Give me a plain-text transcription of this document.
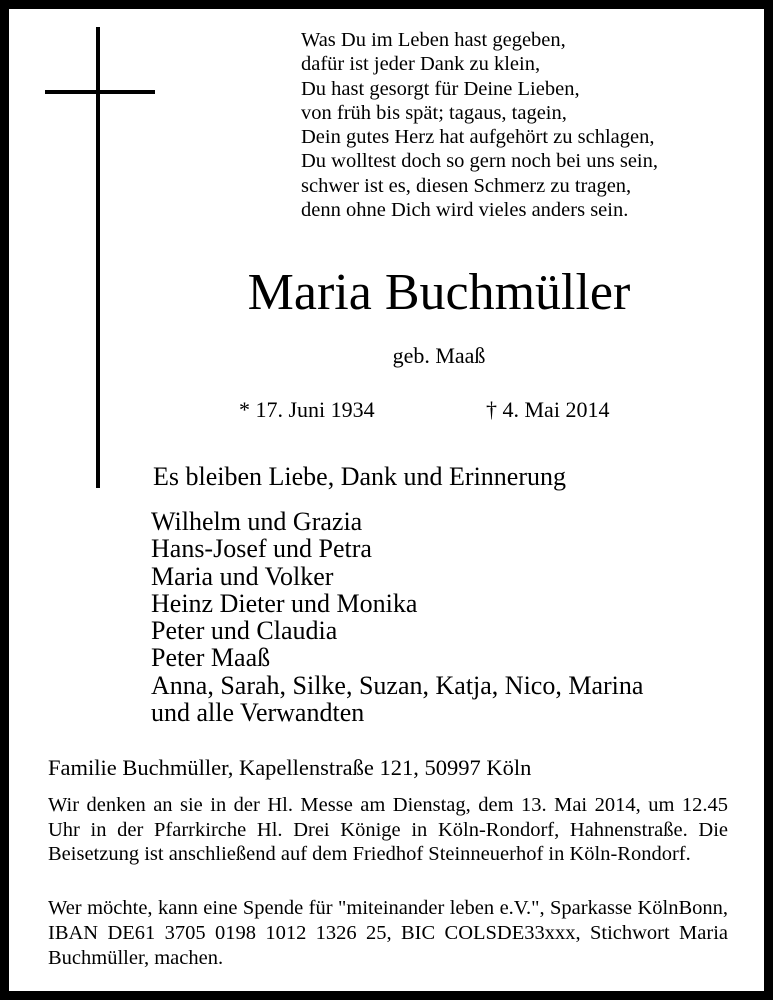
Was Du im Leben hast gegeben,
dafür ist jeder Dank zu klein,
Du hast gesorgt für Deine Lieben,
von früh bis spät; tagaus, tagein,
Dein gutes Herz hat aufgehört zu schlagen,
Du wolltest doch so gern noch bei uns sein,
schwer ist es, diesen Schmerz zu tragen,
denn ohne Dich wird vieles anders sein.
Maria Buchmüller
geb. Maaß
* 17. Juni 1934	† 4. Mai 2014
Es bleiben Liebe, Dank und Erinnerung
Wilhelm und Grazia
Hans-Josef und Petra
Maria und Volker
Heinz Dieter und Monika
Peter und Claudia
Peter Maaß
Anna, Sarah, Silke, Suzan, Katja, Nico, Marina
und alle Verwandten
Familie Buchmüller, Kapellenstraße 121, 50997 Köln

Wir denken an sie in der Hl. Messe am Dienstag, dem 13. Mai 2014, um 12.45 Uhr in der Pfarrkirche Hl. Drei Könige in Köln-Rondorf, Hahnenstraße. Die Beisetzung ist anschließend auf dem Friedhof Steinneuerhof in Köln-Rondorf.

Wer möchte, kann eine Spende für "miteinander leben e.V.", Sparkasse KölnBonn, IBAN DE61 3705 0198 1012 1326 25, BIC COLSDE33xxx, Stichwort Maria Buchmüller, machen.
